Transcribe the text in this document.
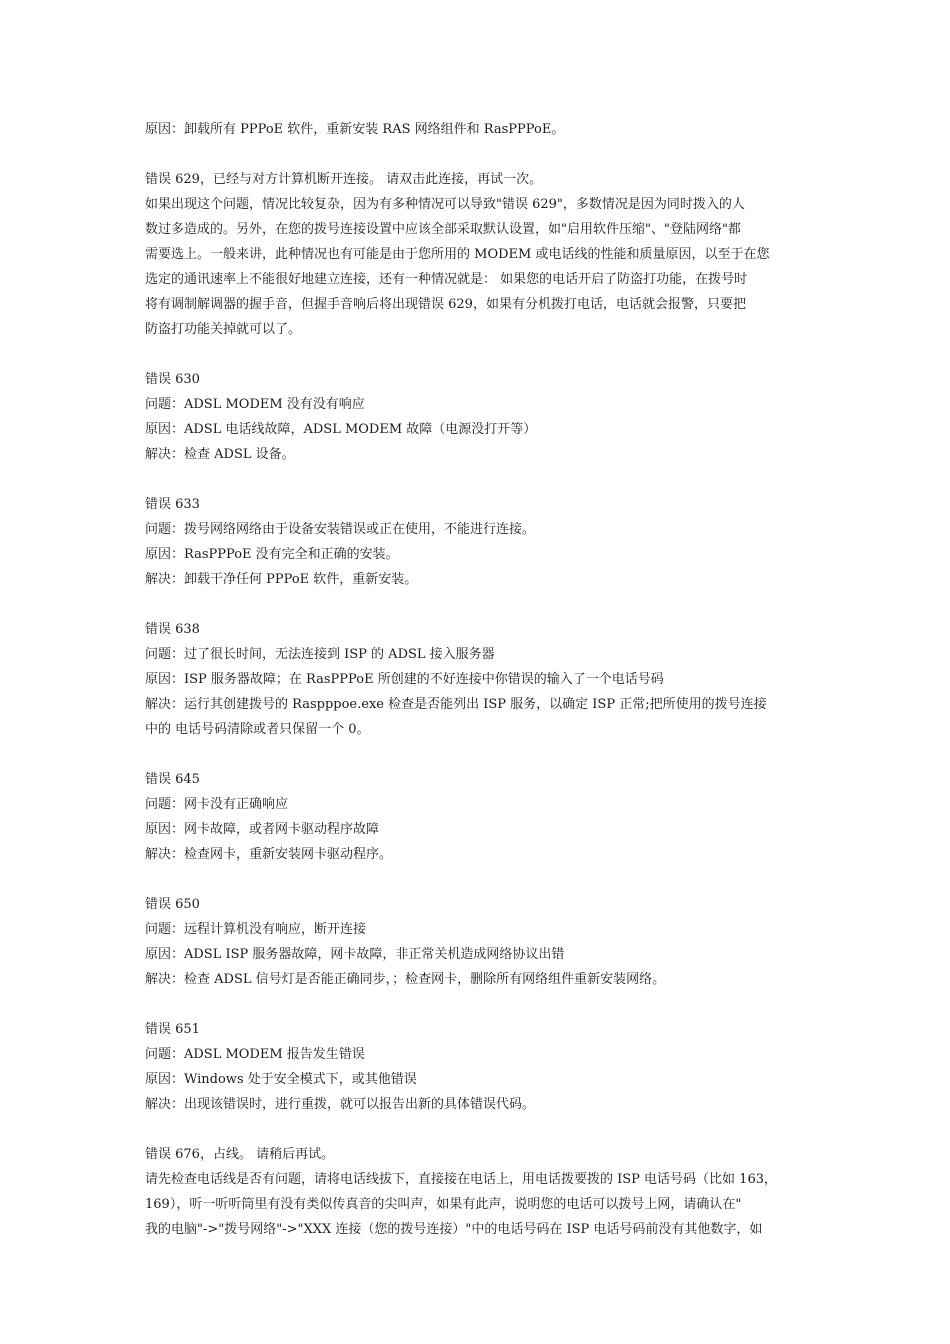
原因：卸载所有 PPPoE 软件，重新安装 RAS 网络组件和 RasPPPoE。
错误 629，已经与对方计算机断开连接。 请双击此连接，再试一次。
如果出现这个问题，情况比较复杂，因为有多种情况可以导致"错误 629"，多数情况是因为同时拨入的人
数过多造成的。另外，在您的拨号连接设置中应该全部采取默认设置，如"启用软件压缩"、"登陆网络"都
需要选上。一般来讲，此种情况也有可能是由于您所用的 MODEM 或电话线的性能和质量原因，以至于在您
选定的通讯速率上不能很好地建立连接，还有一种情况就是： 如果您的电话开启了防盗打功能，在拨号时
将有调制解调器的握手音，但握手音响后将出现错误 629，如果有分机拨打电话，电话就会报警，只要把
防盗打功能关掉就可以了。
错误 630
问题：ADSL MODEM 没有没有响应
原因：ADSL 电话线故障，ADSL MODEM 故障（电源没打开等）
解决：检查 ADSL 设备。
错误 633
问题：拨号网络网络由于设备安装错误或正在使用，不能进行连接。
原因：RasPPPoE 没有完全和正确的安装。
解决：卸载干净任何 PPPoE 软件，重新安装。
错误 638
问题：过了很长时间，无法连接到 ISP 的 ADSL 接入服务器
原因：ISP 服务器故障；在 RasPPPoE 所创建的不好连接中你错误的输入了一个电话号码
解决：运行其创建拨号的 Raspppoe.exe 检查是否能列出 ISP 服务，以确定 ISP 正常;把所使用的拨号连接
中的 电话号码清除或者只保留一个 0。
错误 645
问题：网卡没有正确响应
原因：网卡故障，或者网卡驱动程序故障
解决：检查网卡，重新安装网卡驱动程序。
错误 650
问题：远程计算机没有响应，断开连接
原因：ADSL ISP 服务器故障，网卡故障，非正常关机造成网络协议出错
解决：检查 ADSL 信号灯是否能正确同步，；检查网卡，删除所有网络组件重新安装网络。
错误 651
问题：ADSL MODEM 报告发生错误
原因：Windows 处于安全模式下，或其他错误
解决：出现该错误时，进行重拨，就可以报告出新的具体错误代码。
错误 676，占线。 请稍后再试。
请先检查电话线是否有问题，请将电话线拔下，直接接在电话上，用电话拨要拨的 ISP 电话号码（比如 163，
169），听一听听筒里有没有类似传真音的尖叫声，如果有此声，说明您的电话可以拨号上网，请确认在"
我的电脑"->"拨号网络"->"XXX 连接（您的拨号连接）"中的电话号码在 ISP 电话号码前没有其他数字，如
